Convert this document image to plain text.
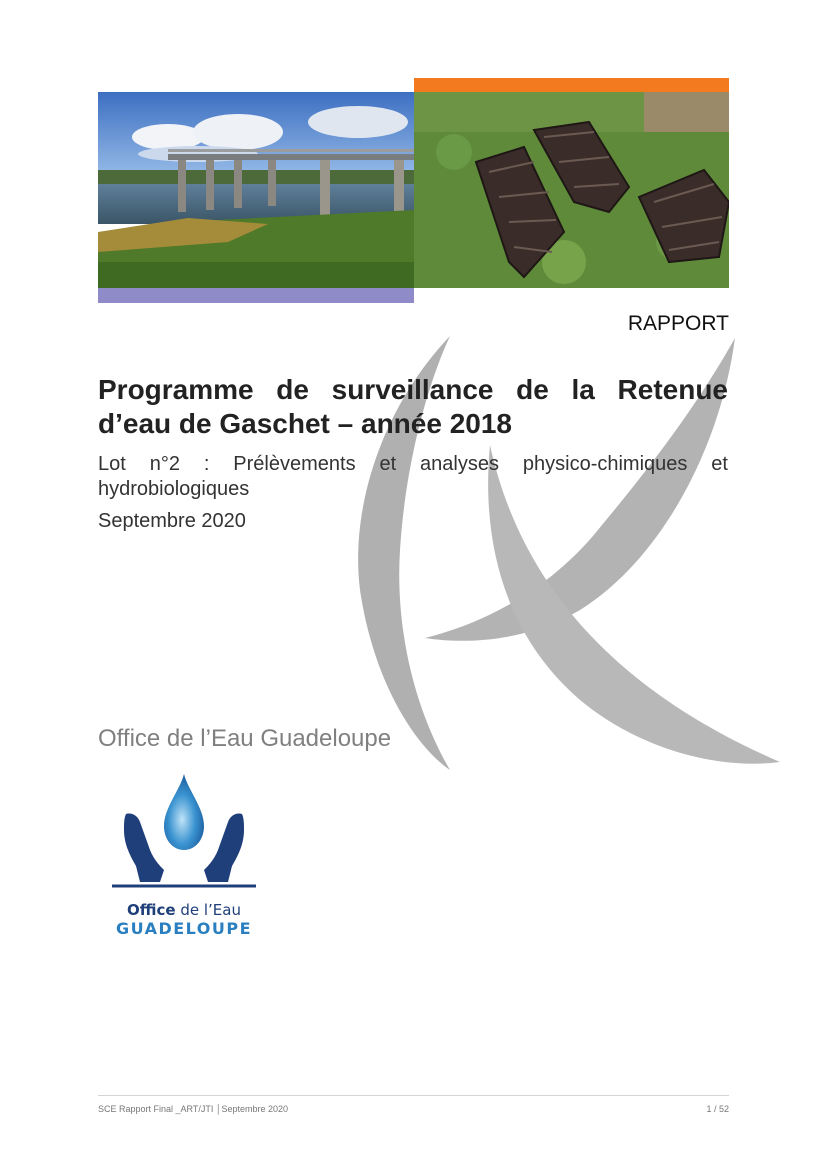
RAPPORT
Programme de surveillance de la Retenue d’eau de Gaschet – année 2018
Lot n°2 : Prélèvements et analyses physico-chimiques et hydrobiologiques
Septembre 2020
Office de l’Eau Guadeloupe
Office de l’Eau
GUADELOUPE
SCE Rapport Final _ART/JTI │Septembre 2020	1 / 52
